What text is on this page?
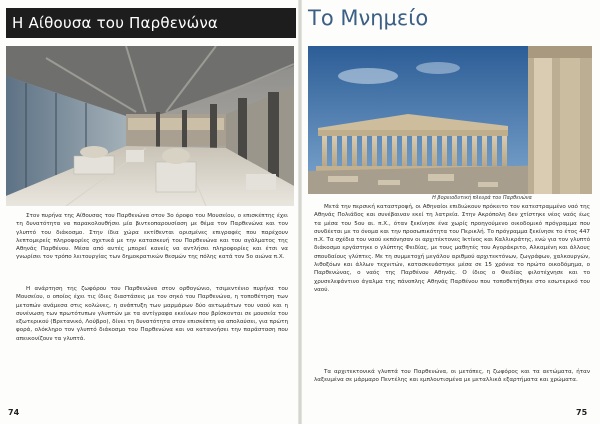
Η Αίθουσα του Παρθενώνα

Στον πυρήνα της Αίθουσας του Παρθενώνα στον 3ο όροφο του Μουσείου, ο επισκέπτης έχει τη δυνατότητα να παρακολουθήσει μία βιντεοπαρουσίαση με θέμα τον Παρθενώνα και τον γλυπτό του διάκοσμο. Στην ίδια χώρα εκτίθενται ορισμένες επιγραφές που παρέχουν λεπτομερείς πληροφορίες σχετικά με την κατασκευή του Παρθενώνα και του αγάλματος της Αθηνάς Παρθένου. Μέσα από αυτές μπορεί κανείς να αντλήσει πληροφορίες και έτσι να γνωρίσει τον τρόπο λειτουργίας των δημοκρατικών θεσμών της πόλης κατά τον 5ο αιώνα π.Χ.

Η ανάρτηση της ζωφόρου του Παρθενώνα στον ορθογώνιο, τσιμεντένιο πυρήνα του Μουσείου, ο οποίος έχει τις ίδιες διαστάσεις με τον σηκό του Παρθενώνα, η τοποθέτηση των μετοπών ανάμεσα στις κολώνες, η ανάπτυξη των μαρμάρων δύο αετωμάτων του ναού και η συνένωση των πρωτότυπων γλυπτών με τα αντίγραφα εκείνων που βρίσκονται σε μουσεία του εξωτερικού (Βρετανικό, Λούβρο), δίνει τη δυνατότητα στον επισκέπτη να απολαύσει, για πρώτη φορά, ολόκληρο τον γλυπτό διάκοσμο του Παρθενώνα και να κατανοήσει την παράσταση που απεικονίζουν τα γλυπτά.

74
Το Μνημείο
Η βορειοδυτική πλευρά του Παρθενώνα

Μετά την περσική καταστροφή, οι Αθηναίοι επιδιώκουν πρόκειτο τον κατεστραμμένο ναό της Αθηνάς Πολιάδος και συνέβαιναν εκεί τη λατρεία. Στην Ακρόπολη δεν χτίστηκε νέος ναός έως τα μέσα του 5ου αι. π.Χ., όταν ξεκίνησε ένα χωρίς προηγούμενο οικοδομικό πρόγραμμα που συνδέεται με το όνομα και την προσωπικότητα του Περικλή. Το πρόγραμμα ξεκίνησε το έτος 447 π.Χ. Τα σχέδια του ναού εκπόνησαν οι αρχιτέκτονες Ικτίνος και Καλλικράτης, ενώ για τον γλυπτό διάκοσμο εργάστηκε ο γλύπτης Φειδίας, με τους μαθητές του Αγοράκριτο, Αλκαμένη και άλλους σπουδαίους γλύπτες. Με τη συμμετοχή μεγάλου αριθμού αρχιτεκτόνων, ζωγράφων, χαλκουργών, λιθοξόων και άλλων τεχνιτών, κατασκευάστηκε μέσα σε 15 χρόνια το πρώτο οικοδόμημα, ο Παρθενώνας, ο ναός της Παρθένου Αθηνάς. Ο ίδιος ο Φειδίας φιλοτέχνησε και το χρυσελεφάντινο άγαλμα της πάνοπλης Αθηνάς Παρθένου που τοποθετήθηκε στο εσωτερικό του ναού.

Τα αρχιτεκτονικά γλυπτά του Παρθενώνα, οι μετόπες, η ζωφόρος και τα αετώματα, ήταν λαξευμένα σε μάρμαρο Πεντέλης και εμπλουτισμένα με μεταλλικά εξαρτήματα και χρώματα.

75
